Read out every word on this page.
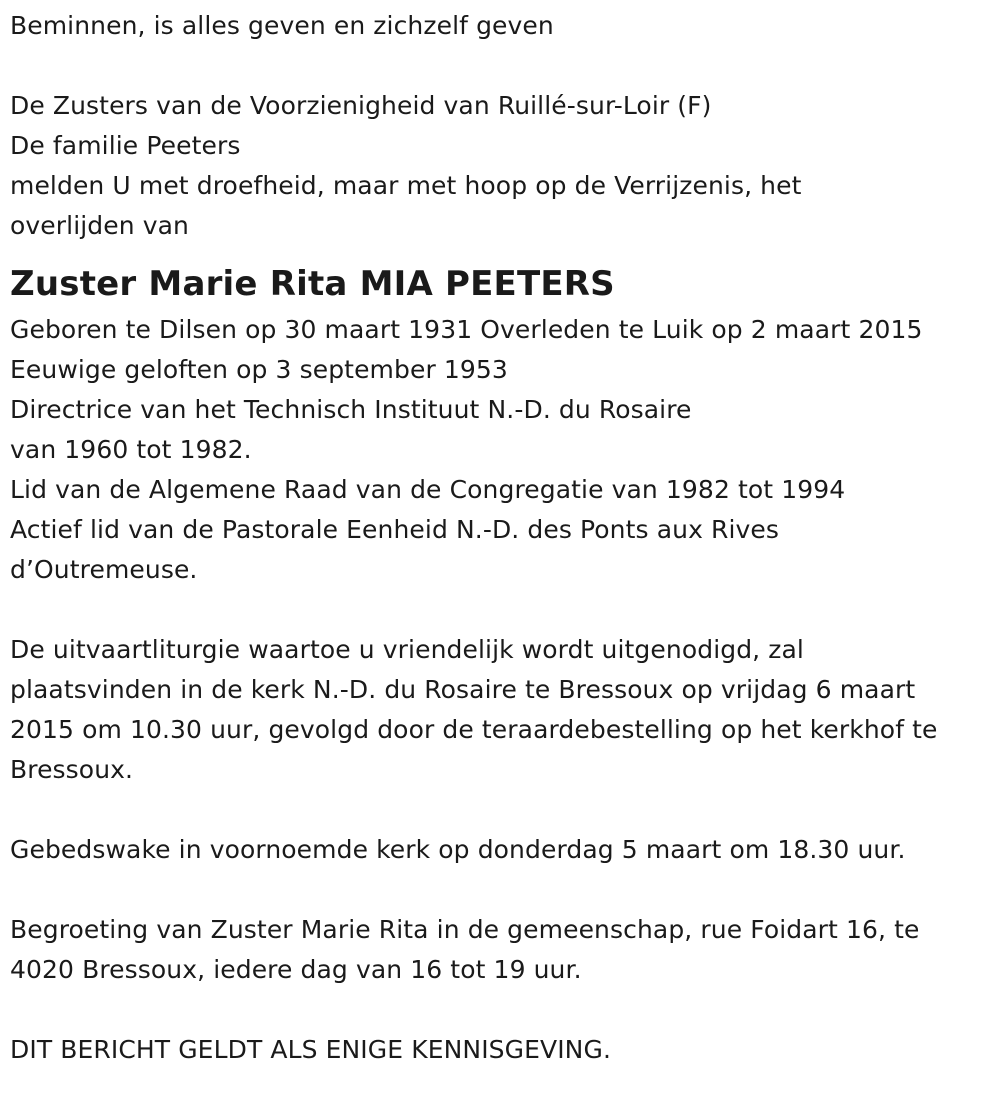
Beminnen, is alles geven en zichzelf geven
De Zusters van de Voorzienigheid van Ruillé-sur-Loir (F)
De familie Peeters
melden U met droefheid, maar met hoop op de Verrijzenis, het
overlijden van
Zuster Marie Rita MIA PEETERS
Geboren te Dilsen op 30 maart 1931 Overleden te Luik op 2 maart 2015
Eeuwige geloften op 3 september 1953
Directrice van het Technisch Instituut N.-D. du Rosaire
van 1960 tot 1982.
Lid van de Algemene Raad van de Congregatie van 1982 tot 1994
Actief lid van de Pastorale Eenheid N.-D. des Ponts aux Rives
d’Outremeuse.
De uitvaartliturgie waartoe u vriendelijk wordt uitgenodigd, zal
plaatsvinden in de kerk N.-D. du Rosaire te Bressoux op vrijdag 6 maart
2015 om 10.30 uur, gevolgd door de teraardebestelling op het kerkhof te
Bressoux.
Gebedswake in voornoemde kerk op donderdag 5 maart om 18.30 uur.
Begroeting van Zuster Marie Rita in de gemeenschap, rue Foidart 16, te
4020 Bressoux, iedere dag van 16 tot 19 uur.
DIT BERICHT GELDT ALS ENIGE KENNISGEVING.
